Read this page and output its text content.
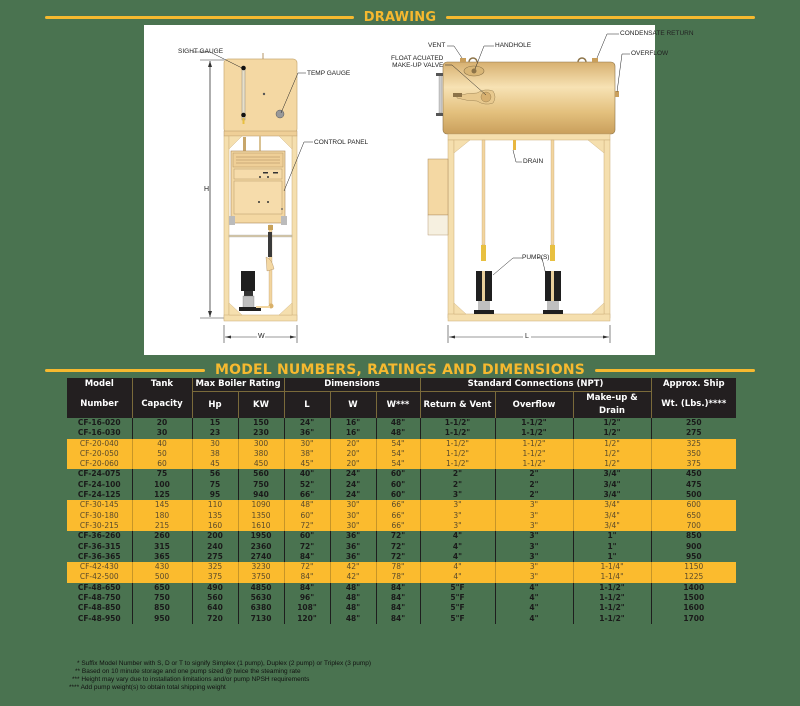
DRAWING
SIGHT GAUGE
TEMP GAUGE
CONTROL PANEL
H
W
VENT	HANDHOLE
FLOAT ACUATED
MAKE-UP VALVE
CONDENSATE RETURN
OVERFLOW
DRAIN
PUMP(S)
L
MODEL NUMBERS, RATINGS AND DIMENSIONS
Model	Tank	Max Boiler Rating		Dimensions			Standard Connections (NPT)			Approx. Ship
Number	Capacity	Hp	KW	L	W	W***	Return & Vent	Overflow	Make-up & Drain	Wt. (Lbs.)****
CF-16-020	20	15	150	24"	16"	48"	1-1/2"	1-1/2"	1/2"	250
CF-16-030	30	23	230	36"	16"	48"	1-1/2"	1-1/2"	1/2"	275
CF-20-040	40	30	300	30"	20"	54"	1-1/2"	1-1/2"	1/2"	325
CF-20-050	50	38	380	38"	20"	54"	1-1/2"	1-1/2"	1/2"	350
CF-20-060	60	45	450	45"	20"	54"	1-1/2"	1-1/2"	1/2"	375
CF-24-075	75	56	560	40"	24"	60"	2"	2"	3/4"	450
CF-24-100	100	75	750	52"	24"	60"	2"	2"	3/4"	475
CF-24-125	125	95	940	66"	24"	60"	3"	2"	3/4"	500
CF-30-145	145	110	1090	48"	30"	66"	3"	3"	3/4"	600
CF-30-180	180	135	1350	60"	30"	66"	3"	3"	3/4"	650
CF-30-215	215	160	1610	72"	30"	66"	3"	3"	3/4"	700
CF-36-260	260	200	1950	60"	36"	72"	4"	3"	1"	850
CF-36-315	315	240	2360	72"	36"	72"	4"	3"	1"	900
CF-36-365	365	275	2740	84"	36"	72"	4"	3"	1"	950
CF-42-430	430	325	3230	72"	42"	78"	4"	3"	1-1/4"	1150
CF-42-500	500	375	3750	84"	42"	78"	4"	3"	1-1/4"	1225
CF-48-650	650	490	4850	84"	48"	84"	5"F	4"	1-1/2"	1400
CF-48-750	750	560	5630	96"	48"	84"	5"F	4"	1-1/2"	1500
CF-48-850	850	640	6380	108"	48"	84"	5"F	4"	1-1/2"	1600
CF-48-950	950	720	7130	120"	48"	84"	5"F	4"	1-1/2"	1700
* Suffix Model Number with S, D or T to signify Simplex (1 pump), Duplex (2 pump) or Triplex (3 pump)
** Based on 10 minute storage and one pump sized @ twice the steaming rate
*** Height may vary due to installation limitations and/or pump NPSH requirements
**** Add pump weight(s) to obtain total shipping weight
